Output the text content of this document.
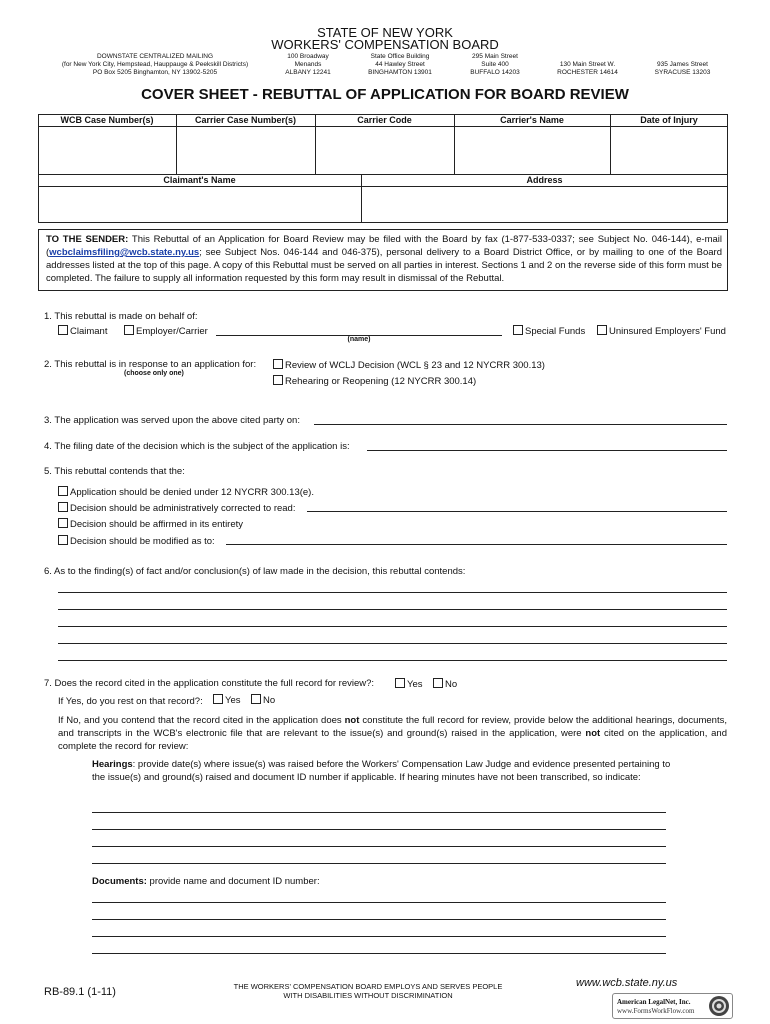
STATE OF NEW YORK
WORKERS' COMPENSATION BOARD
DOWNSTATE CENTRALIZED MAILING
(for New York City, Hempstead, Hauppauge & Peekskill Districts)
PO Box 5205 Binghamton, NY 13902-5205
100 Broadway
Menands
ALBANY 12241
State Office Building
44 Hawley Street
BINGHAMTON 13901
295 Main Street
Suite 400
BUFFALO 14203
130 Main Street W.
ROCHESTER 14614
935 James Street
SYRACUSE 13203
COVER SHEET - REBUTTAL OF APPLICATION FOR BOARD REVIEW
WCB Case Number(s)	Carrier Case Number(s)	Carrier Code	Carrier's Name	Date of Injury
Claimant's Name	Address
TO THE SENDER: This Rebuttal of an Application for Board Review may be filed with the Board by fax (1-877-533-0337; see Subject No. 046-144), e-mail (wcbclaimsfiling@wcb.state.ny.us; see Subject Nos. 046-144 and 046-375), personal delivery to a Board District Office, or by mailing to one of the Board addresses listed at the top of this page. A copy of this Rebuttal must be served on all parties in interest. Sections 1 and 2 on the reverse side of this form must be completed. The failure to supply all information requested by this form may result in dismissal of the Rebuttal.
1. This rebuttal is made on behalf of:
Claimant	Employer/Carrier
(name)
Special Funds	Uninsured Employers' Fund
2. This rebuttal is in response to an application for:
(choose only one)
Review of WCLJ Decision (WCL § 23 and 12 NYCRR 300.13)
Rehearing or Reopening (12 NYCRR 300.14)
3. The application was served upon the above cited party on:
4. The filing date of the decision which is the subject of the application is:
5. This rebuttal contends that the:
Application should be denied under 12 NYCRR 300.13(e).
Decision should be administratively corrected to read:
Decision should be affirmed in its entirety
Decision should be modified as to:
6. As to the finding(s) of fact and/or conclusion(s) of law made in the decision, this rebuttal contends:
7. Does the record cited in the application constitute the full record for review?:	Yes	No
If Yes, do you rest on that record?:	Yes	No
If No, and you contend that the record cited in the application does not constitute the full record for review, provide below the additional hearings, documents, and transcripts in the WCB's electronic file that are relevant to the issue(s) and ground(s) raised in the application, were not cited on the application, and complete the record for review:
Hearings: provide date(s) where issue(s) was raised before the Workers' Compensation Law Judge and evidence presented pertaining to the issue(s) and ground(s) raised and document ID number if applicable. If hearing minutes have not been transcribed, so indicate:
Documents: provide name and document ID number:
RB-89.1 (1-11)	THE WORKERS' COMPENSATION BOARD EMPLOYS AND SERVES PEOPLE
WITH DISABILITIES WITHOUT DISCRIMINATION
www.wcb.state.ny.us
American LegalNet, Inc.
www.FormsWorkFlow.com
